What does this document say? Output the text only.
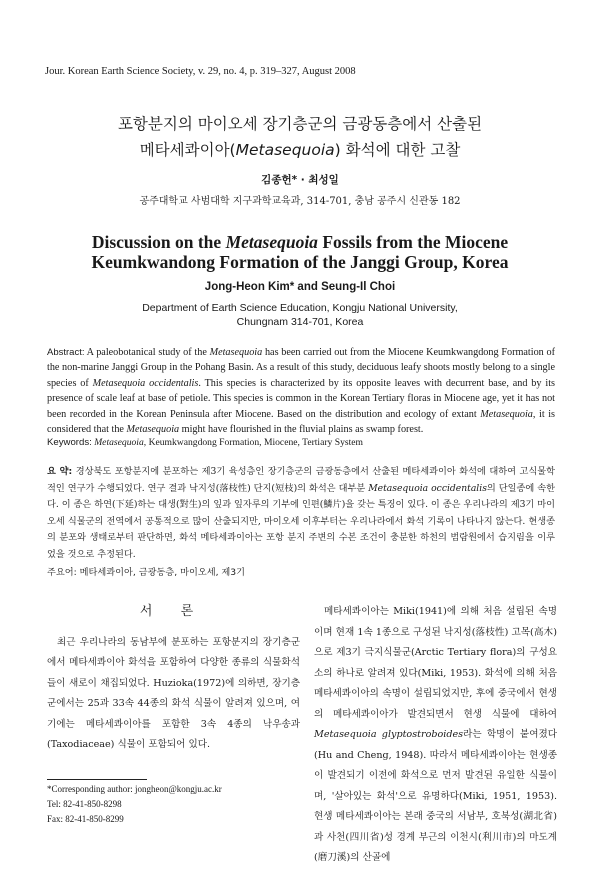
Jour. Korean Earth Science Society, v. 29, no. 4, p. 319–327, August 2008
포항분지의 마이오세 장기층군의 금광동층에서 산출된
메타세콰이아(Metasequoia) 화석에 대한 고찰
김종헌* · 최성일
공주대학교 사범대학 지구과학교육과, 314-701, 충남 공주시 신관동 182
Discussion on the Metasequoia Fossils from the Miocene
Keumkwandong Formation of the Janggi Group, Korea
Jong-Heon Kim* and Seung-Il Choi
Department of Earth Science Education, Kongju National University,
Chungnam 314-701, Korea
Abstract: A paleobotanical study of the Metasequoia has been carried out from the Miocene Keumkwangdong Formation of the non-marine Janggi Group in the Pohang Basin. As a result of this study, deciduous leafy shoots mostly belong to a single species of Metasequoia occidentalis. This species is characterized by its opposite leaves with decurrent base, and by its presence of scale leaf at base of petiole. This species is common in the Korean Tertiary floras in Miocene age, yet it has not been recorded in the Korean Peninsula after Miocene. Based on the distribution and ecology of extant Metasequoia, it is considered that the Metasequoia might have flourished in the fluvial plains as swamp forest.
Keywords: Metasequoia, Keumkwangdong Formation, Miocene, Tertiary System
요 약: 경상북도 포항분지에 분포하는 제3기 육성층인 장기층군의 금광동층에서 산출된 메타세콰이아 화석에 대하여 고식물학적인 연구가 수행되었다. 연구 결과 낙지성(落枝性) 단지(短枝)의 화석은 대부분 Metasequoia occidentalis의 단일종에 속한다. 이 종은 하연(下延)하는 대생(對生)의 잎과 잎자루의 기부에 인편(鱗片)을 갖는 특징이 있다. 이 종은 우리나라의 제3기 마이오세 식물군의 전역에서 공통적으로 많이 산출되지만, 마이오세 이후부터는 우리나라에서 화석 기록이 나타나지 않는다. 현생종의 분포와 생태로부터 판단하면, 화석 메타세콰이아는 포항 분지 주변의 수본 조건이 충분한 하천의 범람원에서 습지림을 이루었을 것으로 추정된다.
주요어: 메타세콰이아, 금광동층, 마이오세, 제3기
서 론
최근 우리나라의 동남부에 분포하는 포항분지의 장기층군에서 메타세콰이아 화석을 포함하여 다양한 종류의 식물화석들이 새로이 채집되었다. Huzioka(1972)에 의하면, 장기층군에서는 25과 33속 44종의 화석 식물이 알려져 있으며, 여기에는 메타세콰이아를 포함한 3속 4종의 낙우송과(Taxodiaceae) 식물이 포함되어 있다.
메타세콰이아는 Miki(1941)에 의해 처음 설립된 속명이며 현재 1속 1종으로 구성된 낙지성(落枝性) 고목(高木)으로 제3기 극지식물군(Arctic Tertiary flora)의 구성요소의 하나로 알려져 있다(Miki, 1953). 화석에 의해 처음 메타세콰이아의 속명이 설립되었지만, 후에 중국에서 현생의 메타세콰이아가 발견되면서 현생 식물에 대하여 Metasequoia glyptostroboides라는 학명이 붙여졌다(Hu and Cheng, 1948). 따라서 메타세콰이아는 현생종이 발견되기 이전에 화석으로 먼저 발견된 유일한 식물이며, '살아있는 화석'으로 유명하다(Miki, 1951, 1953). 현생 메타세콰이아는 본래 중국의 서남부, 호북성(湖北省)과 사천(四川省)성 경계 부근의 이천시(利川市)의 마도계(磨刀溪)의 산골에
*Corresponding author: jongheon@kongju.ac.kr
Tel: 82-41-850-8298
Fax: 82-41-850-8299
